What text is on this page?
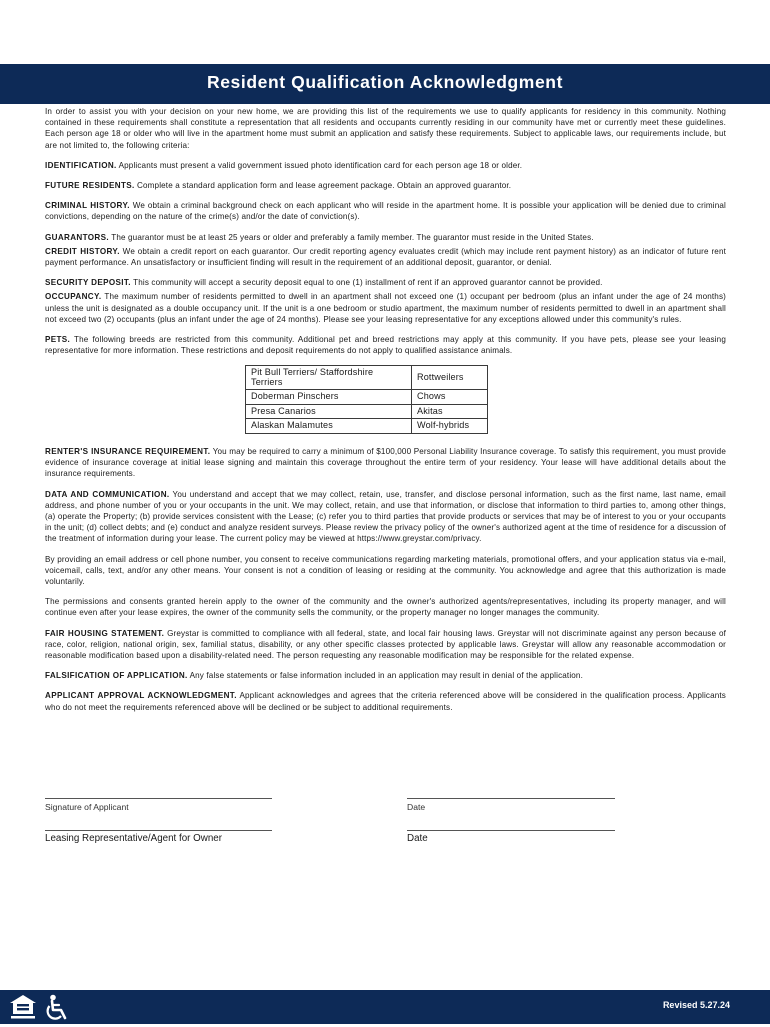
Resident Qualification Acknowledgment

In order to assist you with your decision on your new home, we are providing this list of the requirements we use to qualify applicants for residency in this community. Nothing contained in these requirements shall constitute a representation that all residents and occupants currently residing in our community have met or currently meet these guidelines. Each person age 18 or older who will live in the apartment home must submit an application and satisfy these requirements. Subject to applicable laws, our requirements include, but are not limited to, the following criteria:

IDENTIFICATION. Applicants must present a valid government issued photo identification card for each person age 18 or older.

FUTURE RESIDENTS. Complete a standard application form and lease agreement package. Obtain an approved guarantor.

CRIMINAL HISTORY. We obtain a criminal background check on each applicant who will reside in the apartment home. It is possible your application will be denied due to criminal convictions, depending on the nature of the crime(s) and/or the date of conviction(s).

GUARANTORS. The guarantor must be at least 25 years or older and preferably a family member. The guarantor must reside in the United States.

CREDIT HISTORY. We obtain a credit report on each guarantor. Our credit reporting agency evaluates credit (which may include rent payment history) as an indicator of future rent payment performance. An unsatisfactory or insufficient finding will result in the requirement of an additional deposit, guarantor, or denial.

SECURITY DEPOSIT. This community will accept a security deposit equal to one (1) installment of rent if an approved guarantor cannot be provided.

OCCUPANCY. The maximum number of residents permitted to dwell in an apartment shall not exceed one (1) occupant per bedroom (plus an infant under the age of 24 months) unless the unit is designated as a double occupancy unit. If the unit is a one bedroom or studio apartment, the maximum number of residents permitted to dwell in an apartment shall not exceed two (2) occupants (plus an infant under the age of 24 months). Please see your leasing representative for any exceptions allowed under this community's rules.

PETS. The following breeds are restricted from this community. Additional pet and breed restrictions may apply at this community. If you have pets, please see your leasing representative for more information. These restrictions and deposit requirements do not apply to qualified assistance animals.

Pit Bull Terriers/ Staffordshire Terriers	Rottweilers
Doberman Pinschers	Chows
Presa Canarios	Akitas
Alaskan Malamutes	Wolf-hybrids

RENTER'S INSURANCE REQUIREMENT. You may be required to carry a minimum of $100,000 Personal Liability Insurance coverage. To satisfy this requirement, you must provide evidence of insurance coverage at initial lease signing and maintain this coverage throughout the entire term of your residency. Your lease will have additional details about the insurance requirements.

DATA AND COMMUNICATION. You understand and accept that we may collect, retain, use, transfer, and disclose personal information, such as the first name, last name, email address, and phone number of you or your occupants in the unit. We may collect, retain, and use that information, or disclose that information to third parties to, among other things, (a) operate the Property; (b) provide services consistent with the Lease; (c) refer you to third parties that provide products or services that may be of interest to you or your occupants in the unit; (d) collect debts; and (e) conduct and analyze resident surveys. Please review the privacy policy of the owner's authorized agent at the time of residence for a discussion of the treatment of information during your lease. The current policy may be viewed at https://www.greystar.com/privacy.

By providing an email address or cell phone number, you consent to receive communications regarding marketing materials, promotional offers, and your application status via e-mail, voicemail, calls, text, and/or any other means. Your consent is not a condition of leasing or residing at the community. You acknowledge and agree that this authorization is made voluntarily.

The permissions and consents granted herein apply to the owner of the community and the owner's authorized agents/representatives, including its property manager, and will continue even after your lease expires, the owner of the community sells the community, or the property manager no longer manages the community.

FAIR HOUSING STATEMENT. Greystar is committed to compliance with all federal, state, and local fair housing laws. Greystar will not discriminate against any person because of race, color, religion, national origin, sex, familial status, disability, or any other specific classes protected by applicable laws. Greystar will allow any reasonable accommodation or reasonable modification based upon a disability-related need. The person requesting any reasonable modification may be responsible for the related expense.

FALSIFICATION OF APPLICATION. Any false statements or false information included in an application may result in denial of the application.

APPLICANT APPROVAL ACKNOWLEDGMENT. Applicant acknowledges and agrees that the criteria referenced above will be considered in the qualification process. Applicants who do not meet the requirements referenced above will be declined or be subject to additional requirements.

Signature of Applicant	Date
Leasing Representative/Agent for Owner	Date
Revised 5.27.24
